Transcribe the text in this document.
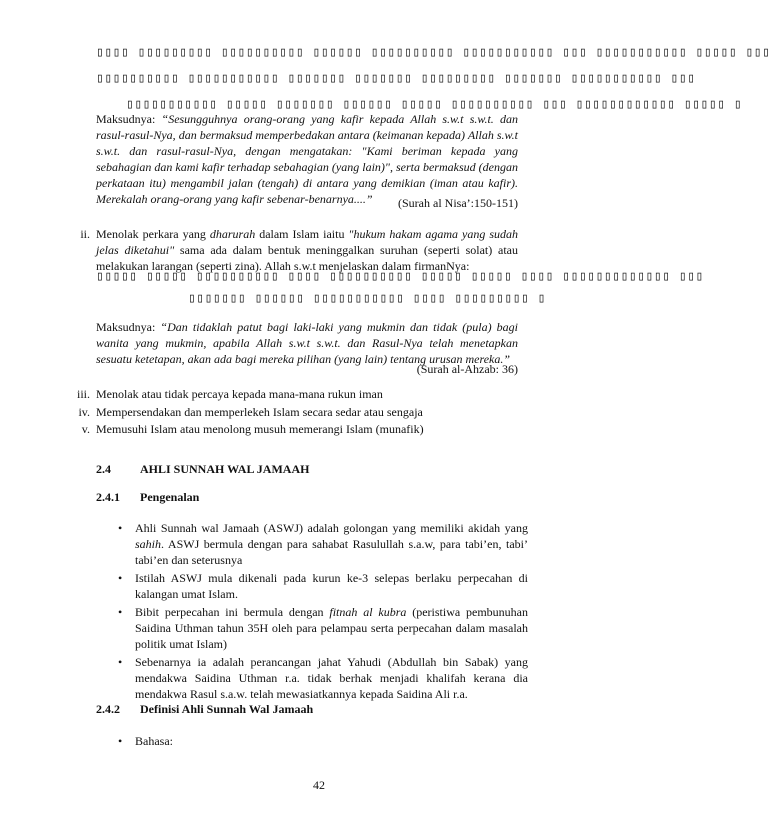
▯▯▯▯ ▯▯▯▯▯▯▯▯▯ ▯▯▯▯▯▯▯▯▯▯ ▯▯▯▯▯▯ ▯▯▯▯▯▯▯▯▯▯ ▯▯▯▯▯▯▯▯▯▯▯ ▯▯▯ ▯▯▯▯▯▯▯▯▯▯▯ ▯▯▯▯▯ ▯▯▯
▯▯▯▯▯▯▯▯▯▯ ▯▯▯▯▯▯▯▯▯▯▯ ▯▯▯▯▯▯▯ ▯▯▯▯▯▯▯ ▯▯▯▯▯▯▯▯▯ ▯▯▯▯▯▯▯ ▯▯▯▯▯▯▯▯▯▯▯ ▯▯▯
▯▯▯▯▯▯▯▯▯▯▯ ▯▯▯▯▯ ▯▯▯▯▯▯▯ ▯▯▯▯▯▯ ▯▯▯▯▯ ▯▯▯▯▯▯▯▯▯▯ ▯▯▯ ▯▯▯▯▯▯▯▯▯▯▯▯ ▯▯▯▯▯ ▯
Maksudnya: “Sesungguhnya orang-orang yang kafir kepada Allah s.w.t s.w.t. dan rasul-rasul-Nya, dan bermaksud memperbedakan antara (keimanan kepada) Allah s.w.t s.w.t. dan rasul-rasul-Nya, dengan mengatakan: "Kami beriman kepada yang sebahagian dan kami kafir terhadap sebahagian (yang lain)", serta bermaksud (dengan perkataan itu) mengambil jalan (tengah) di antara yang demikian (iman atau kafir). Merekalah orang-orang yang kafir sebenar-benarnya....”	(Surah al Nisa’:150-151)
ii. Menolak perkara yang dharurah dalam Islam iaitu "hukum hakam agama yang sudah jelas diketahui" sama ada dalam bentuk meninggalkan suruhan (seperti solat) atau melakukan larangan (seperti zina). Allah s.w.t menjelaskan dalam firmanNya:
▯▯▯▯▯ ▯▯▯▯▯ ▯▯▯▯▯▯▯▯▯▯ ▯▯▯▯ ▯▯▯▯▯▯▯▯▯▯ ▯▯▯▯▯ ▯▯▯▯▯ ▯▯▯▯ ▯▯▯▯▯▯▯▯▯▯▯▯▯ ▯▯▯
▯▯▯▯▯▯▯ ▯▯▯▯▯▯ ▯▯▯▯▯▯▯▯▯▯▯ ▯▯▯▯ ▯▯▯▯▯▯▯▯▯ ▯
Maksudnya: “Dan tidaklah patut bagi laki-laki yang mukmin dan tidak (pula) bagi wanita yang mukmin, apabila Allah s.w.t s.w.t. dan Rasul-Nya telah menetapkan sesuatu ketetapan, akan ada bagi mereka pilihan (yang lain) tentang urusan mereka.”
(Surah al-Ahzab: 36)
iii. Menolak atau tidak percaya kepada mana-mana rukun iman
iv. Mempersendakan dan memperlekeh Islam secara sedar atau sengaja
v. Memusuhi Islam atau menolong musuh memerangi Islam (munafik)
2.4 AHLI SUNNAH WAL JAMAAH
2.4.1 Pengenalan
• Ahli Sunnah wal Jamaah (ASWJ) adalah golongan yang memiliki akidah yang sahih. ASWJ bermula dengan para sahabat Rasulullah s.a.w, para tabi’en, tabi’ tabi’en dan seterusnya
• Istilah ASWJ mula dikenali pada kurun ke-3 selepas berlaku perpecahan di kalangan umat Islam.
• Bibit perpecahan ini bermula dengan fitnah al kubra (peristiwa pembunuhan Saidina Uthman tahun 35H oleh para pelampau serta perpecahan dalam masalah politik umat Islam)
• Sebenarnya ia adalah perancangan jahat Yahudi (Abdullah bin Sabak) yang mendakwa Saidina Uthman r.a. tidak berhak menjadi khalifah kerana dia mendakwa Rasul s.a.w. telah mewasiatkannya kepada Saidina Ali r.a.
2.4.2 Definisi Ahli Sunnah Wal Jamaah
• Bahasa:
42
